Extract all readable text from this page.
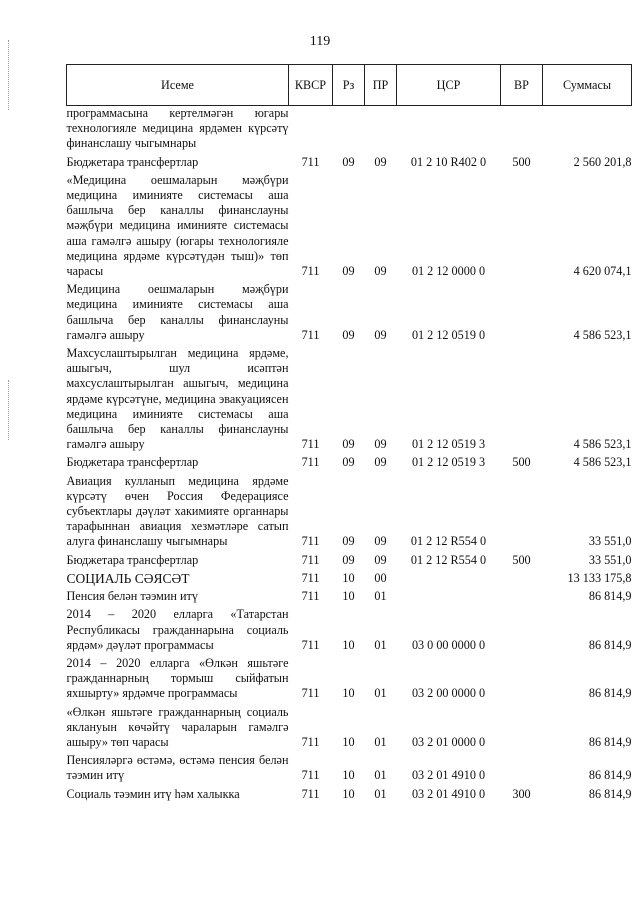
119
Исеме	КВСР	Рз	ПР	ЦСР	ВР	Суммасы
программасына кертелмәгән югары технологияле медицина ярдәмен күрсәтү финанслашу чыгымнары						
Бюджетара трансфертлар	711	09	09	01 2 10 R402 0	500	2 560 201,8
«Медицина оешмаларын мәҗбүри медицина иминияте системасы аша башлыча бер каналлы финанслауны мәҗбүри медицина иминияте системасы аша гамәлгә ашыру (югары технологияле медицина ярдәме күрсәтүдән тыш)» төп чарасы	711	09	09	01 2 12 0000 0		4 620 074,1
Медицина оешмаларын мәҗбүри медицина иминияте системасы аша башлыча бер каналлы финанслауны гамәлгә ашыру	711	09	09	01 2 12 0519 0		4 586 523,1
Махсуслаштырылган медицина ярдәме, ашыгыч, шул исәптән махсуслаштырылган ашыгыч, медицина ярдәме күрсәтүне, медицина эвакуациясен медицина иминияте системасы аша башлыча бер каналлы финанслауны гамәлгә ашыру	711	09	09	01 2 12 0519 3		4 586 523,1
Бюджетара трансфертлар	711	09	09	01 2 12 0519 3	500	4 586 523,1
Авиация кулланып медицина ярдәме күрсәтү өчен Россия Федерациясе субъектлары дәүләт хакимияте органнары тарафыннан авиация хезмәтләре сатып алуга финанслашу чыгымнары	711	09	09	01 2 12 R554 0		33 551,0
Бюджетара трансфертлар	711	09	09	01 2 12 R554 0	500	33 551,0
СОЦИАЛЬ СӘЯСӘТ	711	10	00			13 133 175,8
Пенсия белән тәэмин итү	711	10	01			86 814,9
2014 – 2020 елларга «Татарстан Республикасы гражданнарына социаль ярдәм» дәүләт программасы	711	10	01	03 0 00 0000 0		86 814,9
2014 – 2020 елларга «Өлкән яшьтәге гражданнарның тормыш сыйфатын яхшырту» ярдәмче программасы	711	10	01	03 2 00 0000 0		86 814,9
«Өлкән яшьтәге гражданнарның социаль яклануын көчәйтү чараларын гамәлгә ашыру» төп чарасы	711	10	01	03 2 01 0000 0		86 814,9
Пенсияләргә өстәмә, өстәмә пенсия белән тәэмин итү	711	10	01	03 2 01 4910 0		86 814,9
Социаль тәэмин итү һәм халыкка	711	10	01	03 2 01 4910 0	300	86 814,9
